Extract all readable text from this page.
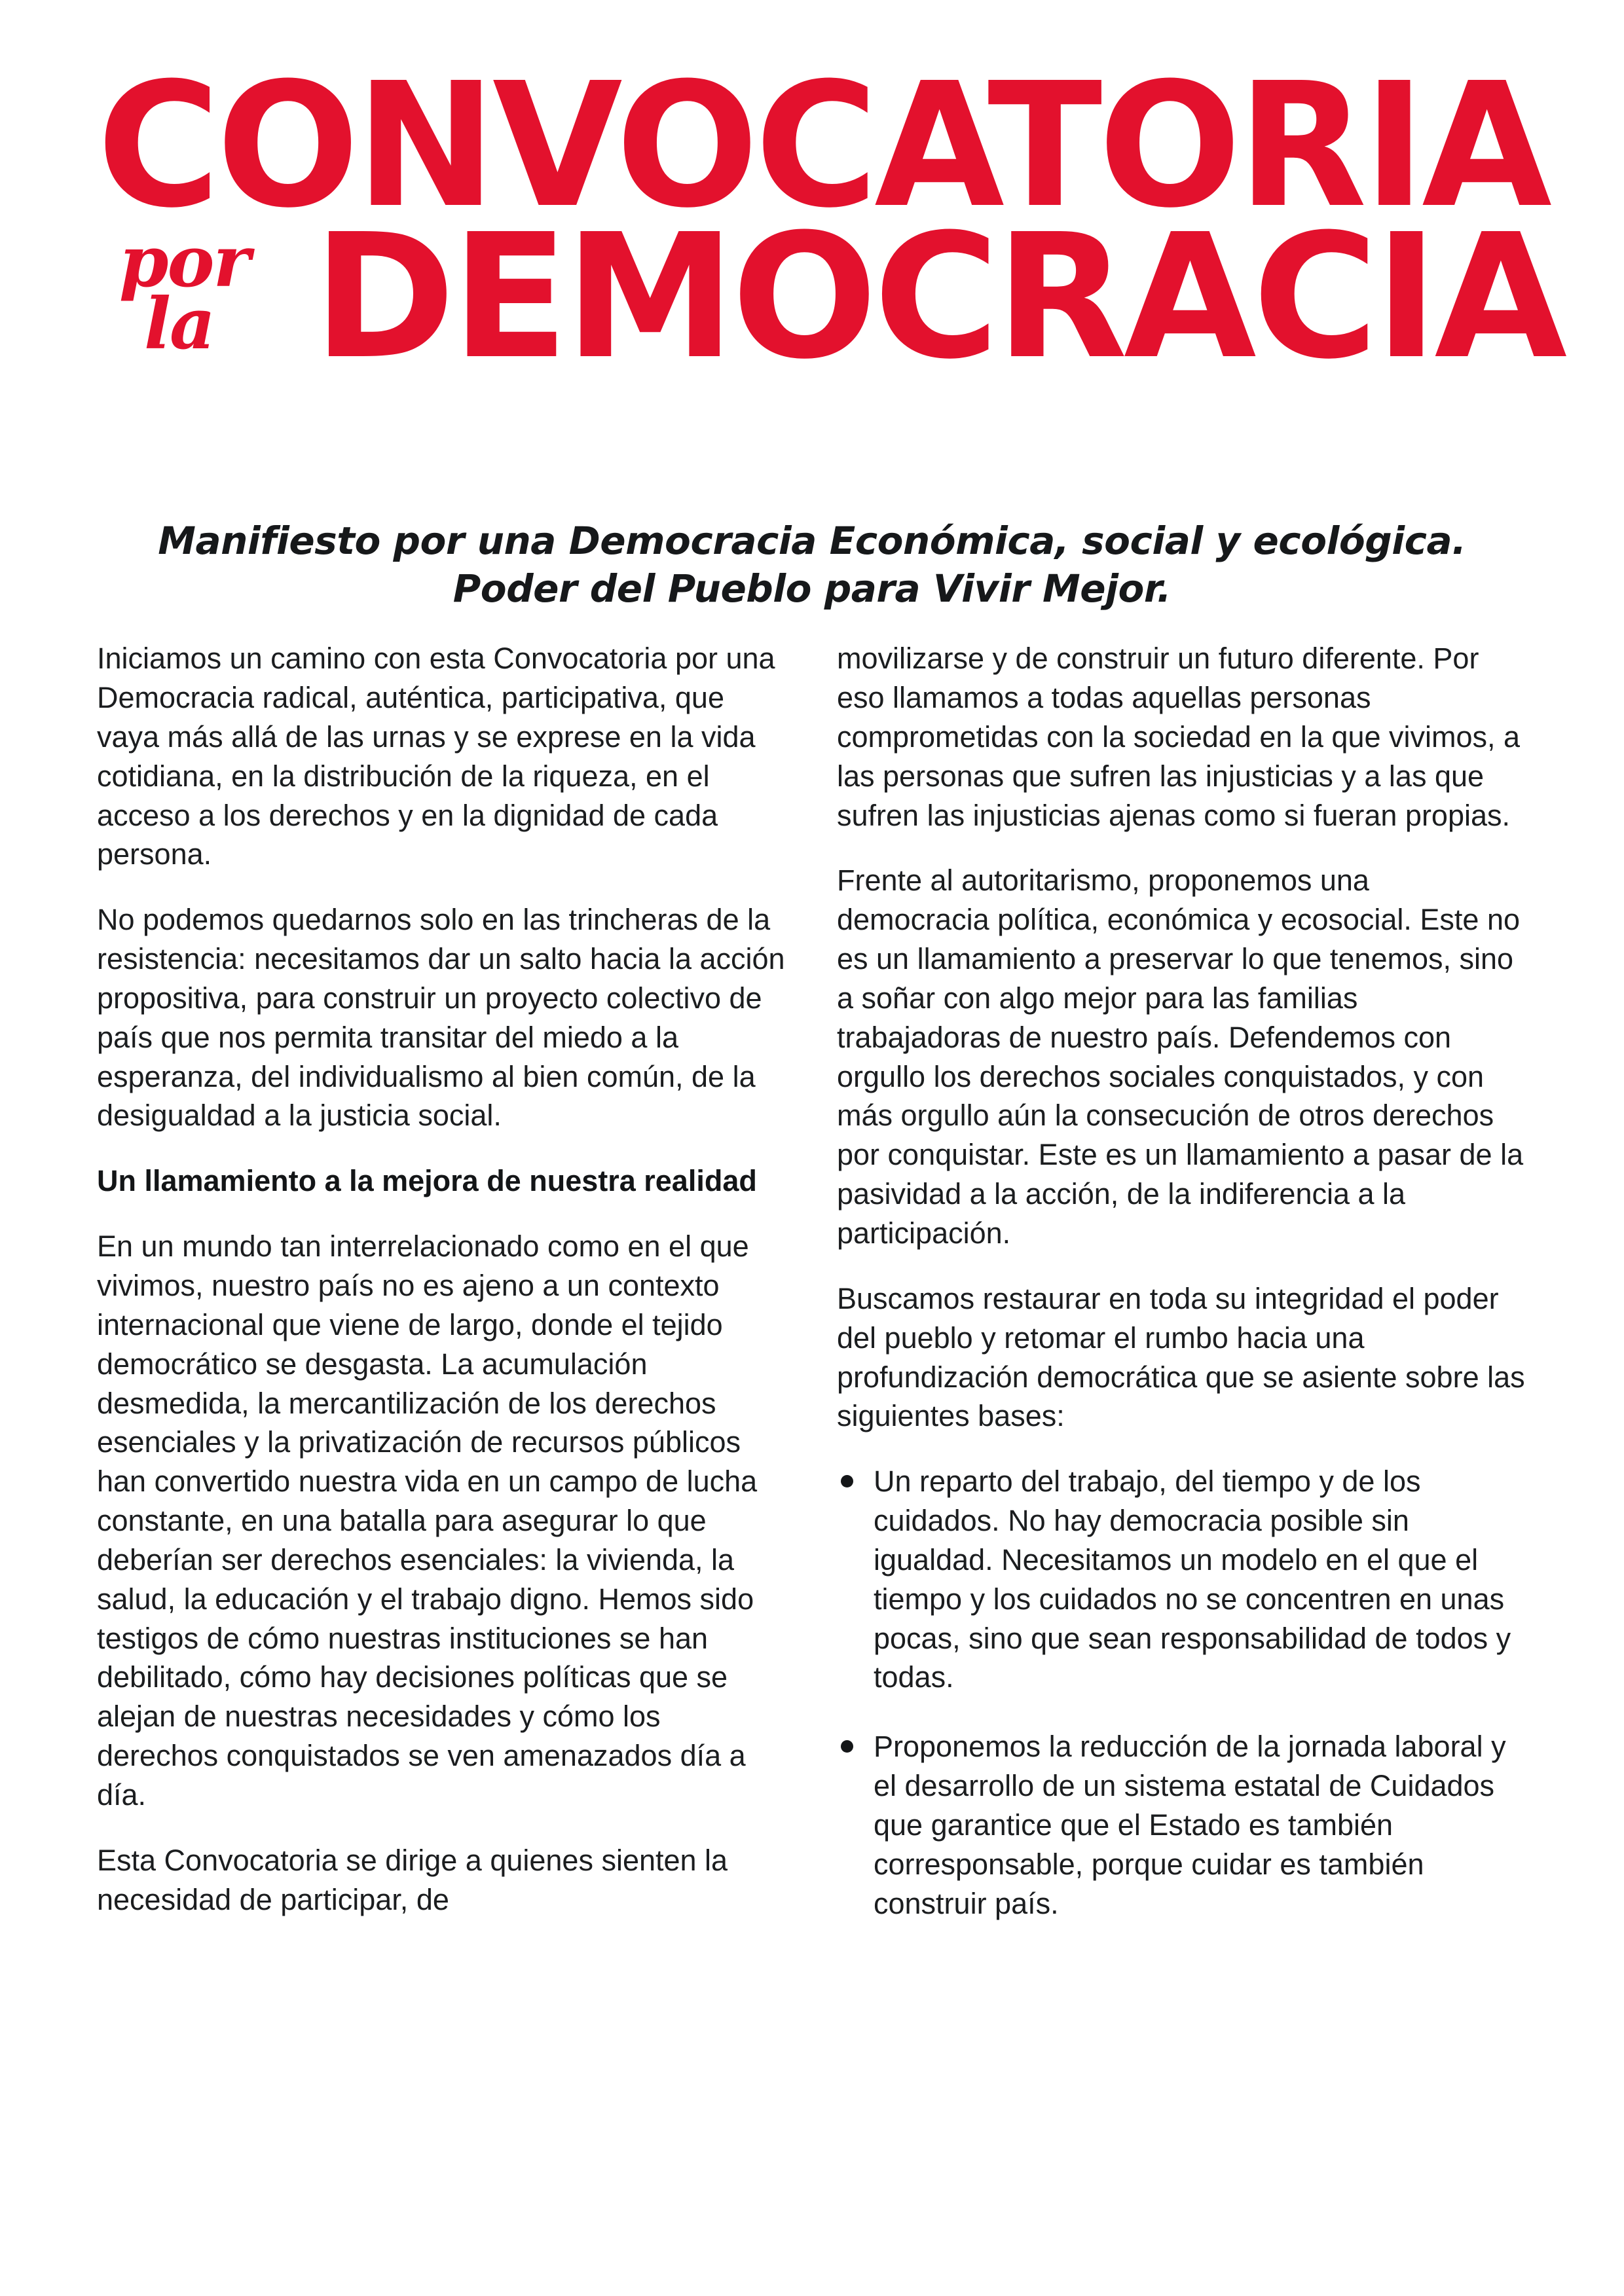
CONVOCATORIA
por
la DEMOCRACIA
Manifiesto por una Democracia Económica, social y ecológica.
Poder del Pueblo para Vivir Mejor.

Iniciamos un camino con esta Convocatoria por una Democracia radical, auténtica, participativa, que vaya más allá de las urnas y se exprese en la vida cotidiana, en la distribución de la riqueza, en el acceso a los derechos y en la dignidad de cada persona.

No podemos quedarnos solo en las trincheras de la resistencia: necesitamos dar un salto hacia la acción propositiva, para construir un proyecto colectivo de país que nos permita transitar del miedo a la esperanza, del individualismo al bien común, de la desigualdad a la justicia social.

Un llamamiento a la mejora de nuestra realidad

En un mundo tan interrelacionado como en el que vivimos, nuestro país no es ajeno a un contexto internacional que viene de largo, donde el tejido democrático se desgasta. La acumulación desmedida, la mercantilización de los derechos esenciales y la privatización de recursos públicos han convertido nuestra vida en un campo de lucha constante, en una batalla para asegurar lo que deberían ser derechos esenciales: la vivienda, la salud, la educación y el trabajo digno. Hemos sido testigos de cómo nuestras instituciones se han debilitado, cómo hay decisiones políticas que se alejan de nuestras necesidades y cómo los derechos conquistados se ven amenazados día a día.

Esta Convocatoria se dirige a quienes sienten la necesidad de participar, de

movilizarse y de construir un futuro diferente. Por eso llamamos a todas aquellas personas comprometidas con la sociedad en la que vivimos, a las personas que sufren las injusticias y a las que sufren las injusticias ajenas como si fueran propias.

Frente al autoritarismo, proponemos una democracia política, económica y ecosocial. Este no es un llamamiento a preservar lo que tenemos, sino a soñar con algo mejor para las familias trabajadoras de nuestro país. Defendemos con orgullo los derechos sociales conquistados, y con más orgullo aún la consecución de otros derechos por conquistar. Este es un llamamiento a pasar de la pasividad a la acción, de la indiferencia a la participación.

Buscamos restaurar en toda su integridad el poder del pueblo y retomar el rumbo hacia una profundización democrática que se asiente sobre las siguientes bases:

Un reparto del trabajo, del tiempo y de los cuidados. No hay democracia posible sin igualdad. Necesitamos un modelo en el que el tiempo y los cuidados no se concentren en unas pocas, sino que sean responsabilidad de todos y todas.
Proponemos la reducción de la jornada laboral y el desarrollo de un sistema estatal de Cuidados que garantice que el Estado es también corresponsable, porque cuidar es también construir país.
